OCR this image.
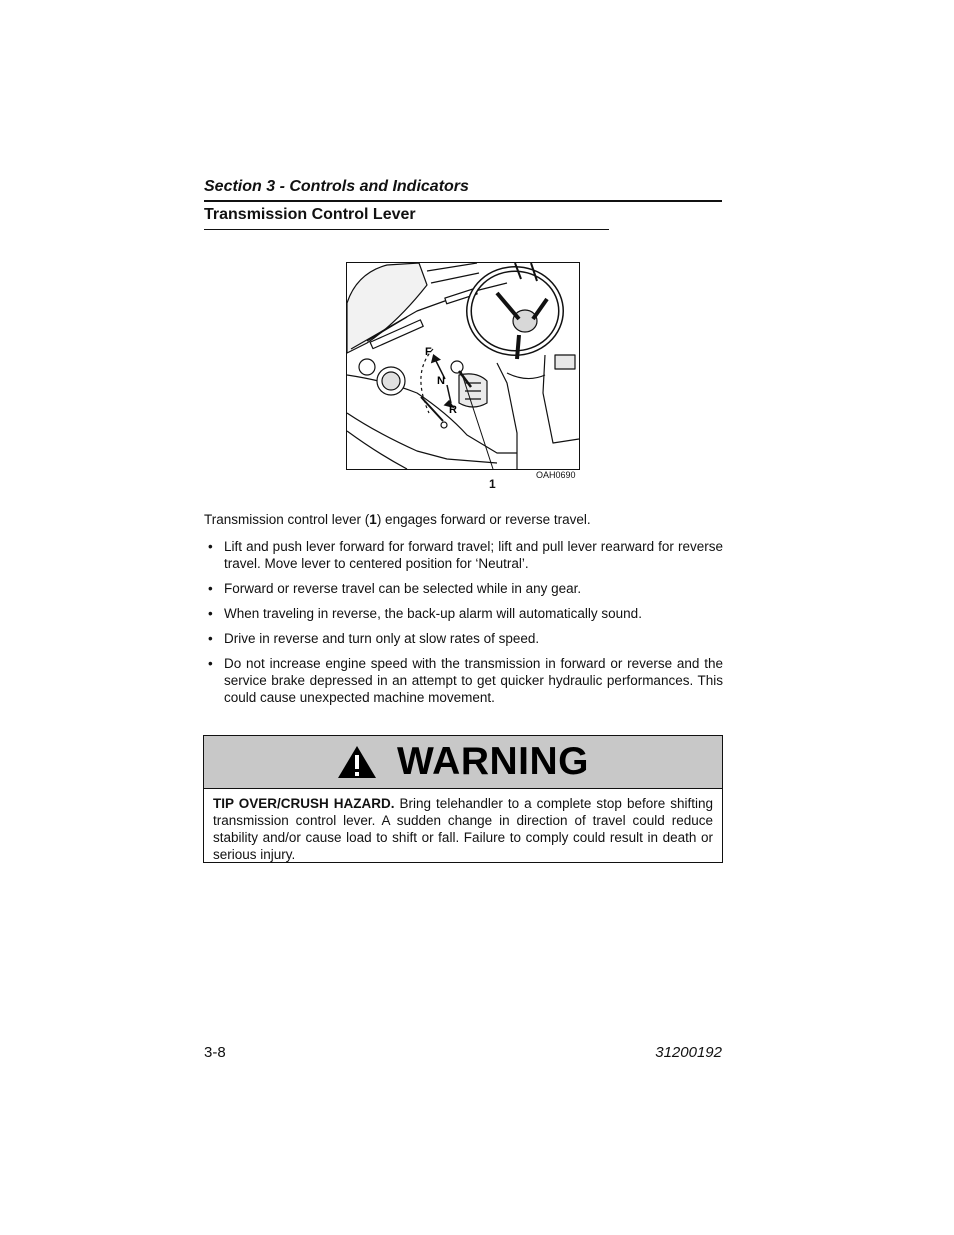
Section 3 - Controls and Indicators
Transmission Control Lever
F
N
R
OAH0690
1
Transmission control lever (1) engages forward or reverse travel.
• Lift and push lever forward for forward travel; lift and pull lever rearward for reverse travel. Move lever to centered position for ‘Neutral’.
• Forward or reverse travel can be selected while in any gear.
• When traveling in reverse, the back-up alarm will automatically sound.
• Drive in reverse and turn only at slow rates of speed.
• Do not increase engine speed with the transmission in forward or reverse and the service brake depressed in an attempt to get quicker hydraulic performances. This could cause unexpected machine movement.
WARNING
TIP OVER/CRUSH HAZARD. Bring telehandler to a complete stop before shifting transmission control lever. A sudden change in direction of travel could reduce stability and/or cause load to shift or fall. Failure to comply could result in death or serious injury.
3-8	31200192
